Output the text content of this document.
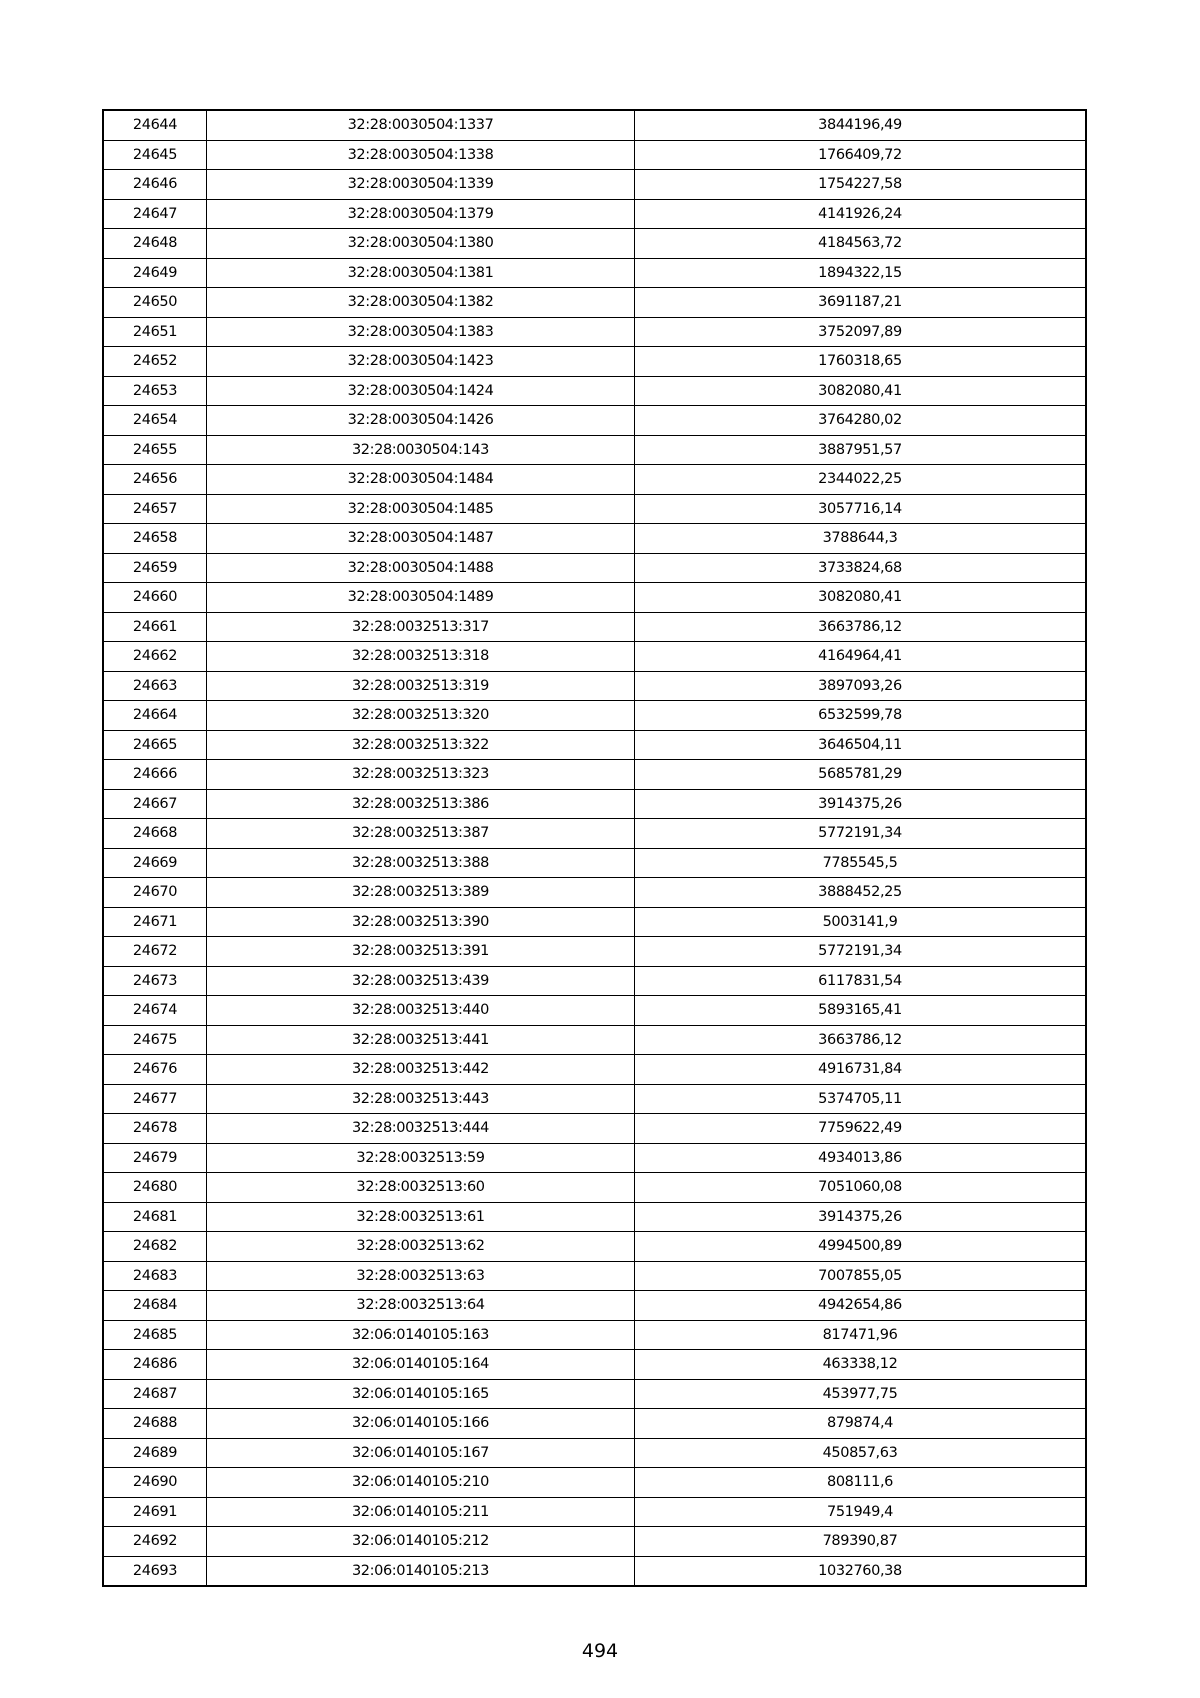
24644	32:28:0030504:1337	3844196,49
24645	32:28:0030504:1338	1766409,72
24646	32:28:0030504:1339	1754227,58
24647	32:28:0030504:1379	4141926,24
24648	32:28:0030504:1380	4184563,72
24649	32:28:0030504:1381	1894322,15
24650	32:28:0030504:1382	3691187,21
24651	32:28:0030504:1383	3752097,89
24652	32:28:0030504:1423	1760318,65
24653	32:28:0030504:1424	3082080,41
24654	32:28:0030504:1426	3764280,02
24655	32:28:0030504:143	3887951,57
24656	32:28:0030504:1484	2344022,25
24657	32:28:0030504:1485	3057716,14
24658	32:28:0030504:1487	3788644,3
24659	32:28:0030504:1488	3733824,68
24660	32:28:0030504:1489	3082080,41
24661	32:28:0032513:317	3663786,12
24662	32:28:0032513:318	4164964,41
24663	32:28:0032513:319	3897093,26
24664	32:28:0032513:320	6532599,78
24665	32:28:0032513:322	3646504,11
24666	32:28:0032513:323	5685781,29
24667	32:28:0032513:386	3914375,26
24668	32:28:0032513:387	5772191,34
24669	32:28:0032513:388	7785545,5
24670	32:28:0032513:389	3888452,25
24671	32:28:0032513:390	5003141,9
24672	32:28:0032513:391	5772191,34
24673	32:28:0032513:439	6117831,54
24674	32:28:0032513:440	5893165,41
24675	32:28:0032513:441	3663786,12
24676	32:28:0032513:442	4916731,84
24677	32:28:0032513:443	5374705,11
24678	32:28:0032513:444	7759622,49
24679	32:28:0032513:59	4934013,86
24680	32:28:0032513:60	7051060,08
24681	32:28:0032513:61	3914375,26
24682	32:28:0032513:62	4994500,89
24683	32:28:0032513:63	7007855,05
24684	32:28:0032513:64	4942654,86
24685	32:06:0140105:163	817471,96
24686	32:06:0140105:164	463338,12
24687	32:06:0140105:165	453977,75
24688	32:06:0140105:166	879874,4
24689	32:06:0140105:167	450857,63
24690	32:06:0140105:210	808111,6
24691	32:06:0140105:211	751949,4
24692	32:06:0140105:212	789390,87
24693	32:06:0140105:213	1032760,38
494
